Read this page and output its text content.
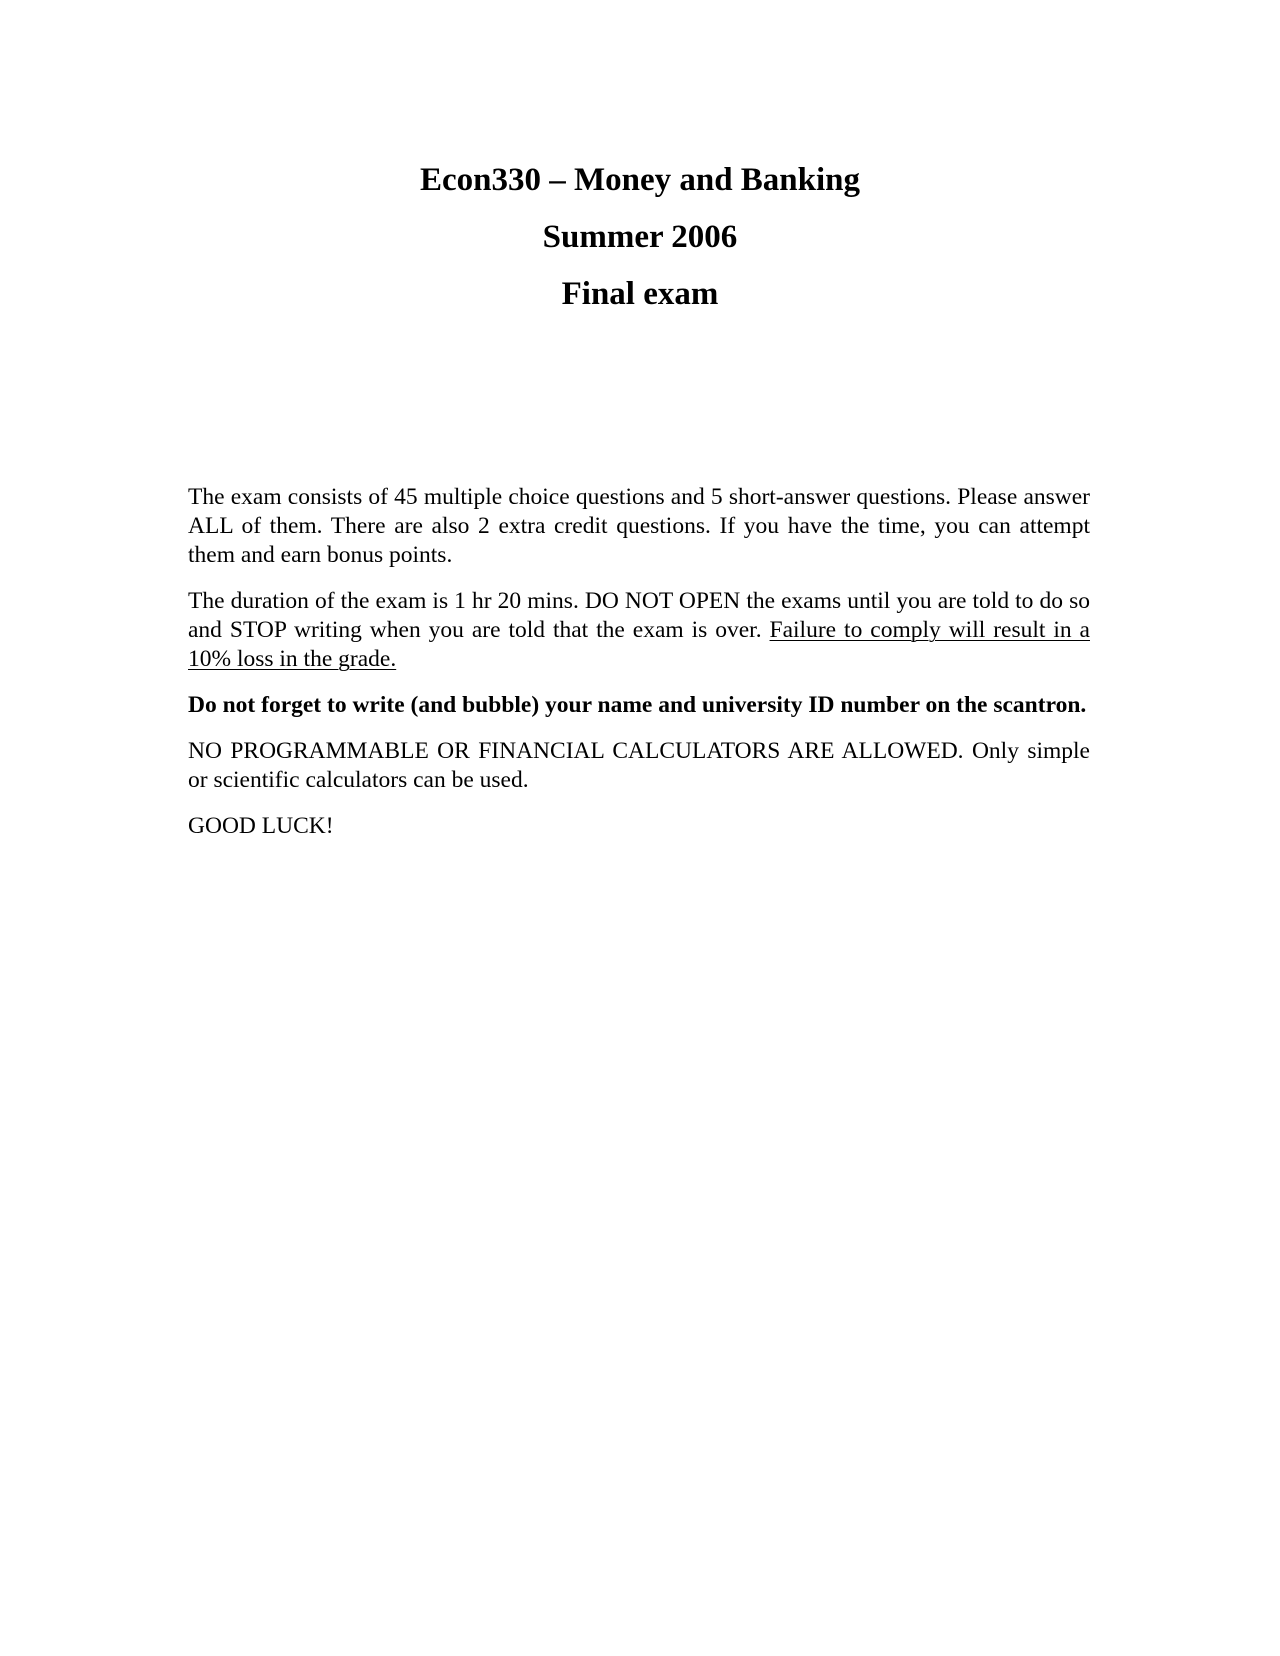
Econ330 – Money and Banking
Summer 2006
Final exam

The exam consists of 45 multiple choice questions and 5 short-answer questions. Please answer ALL of them. There are also 2 extra credit questions. If you have the time, you can attempt them and earn bonus points.

The duration of the exam is 1 hr 20 mins. DO NOT OPEN the exams until you are told to do so and STOP writing when you are told that the exam is over. Failure to comply will result in a 10% loss in the grade.

Do not forget to write (and bubble) your name and university ID number on the scantron.

NO PROGRAMMABLE OR FINANCIAL CALCULATORS ARE ALLOWED. Only simple or scientific calculators can be used.

GOOD LUCK!
